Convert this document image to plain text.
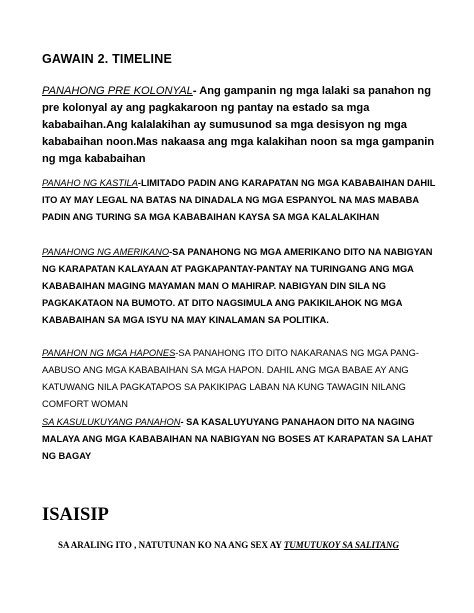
GAWAIN 2. TIMELINE
PANAHONG PRE KOLONYAL- Ang gampanin ng mga lalaki sa panahon ng pre kolonyal ay ang pagkakaroon ng pantay na estado sa mga kababaihan.Ang kalalakihan ay sumusunod sa mga desisyon ng mga kababaihan noon.Mas nakaasa ang mga kalakihan noon sa mga gampanin ng mga kababaihan
PANAHO NG KASTILA-LIMITADO PADIN ANG KARAPATAN NG MGA KABABAIHAN DAHIL ITO AY MAY LEGAL NA BATAS NA DINADALA NG MGA ESPANYOL NA MAS MABABA PADIN ANG TURING SA MGA KABABAIHAN KAYSA SA MGA KALALAKIHAN
PANAHONG NG AMERIKANO-SA PANAHONG NG MGA AMERIKANO DITO NA NABIGYAN NG KARAPATAN KALAYAAN AT PAGKAPANTAY-PANTAY NA TURINGANG ANG MGA KABABAIHAN MAGING MAYAMAN MAN O MAHIRAP. NABIGYAN DIN SILA NG PAGKAKATAON NA BUMOTO. AT DITO NAGSIMULA ANG PAKIKILAHOK NG MGA KABABAIHAN SA MGA ISYU NA MAY KINALAMAN SA POLITIKA.
PANAHON NG MGA HAPONES-SA PANAHONG ITO DITO NAKARANAS NG MGA PANG-AABUSO ANG MGA KABABAIHAN SA MGA HAPON. DAHIL ANG MGA BABAE AY ANG KATUWANG NILA PAGKATAPOS SA PAKIKIPAG LABAN NA KUNG TAWAGIN NILANG COMFORT WOMAN
SA KASULUKUYANG PANAHON- SA KASALUYUYANG PANAHAON DITO NA NAGING MALAYA ANG MGA KABABAIHAN NA NABIGYAN NG BOSES AT KARAPATAN SA LAHAT NG BAGAY
ISAISIP
SA ARALING ITO , NATUTUNAN KO NA ANG SEX AY TUMUTUKOY SA SALITANG
